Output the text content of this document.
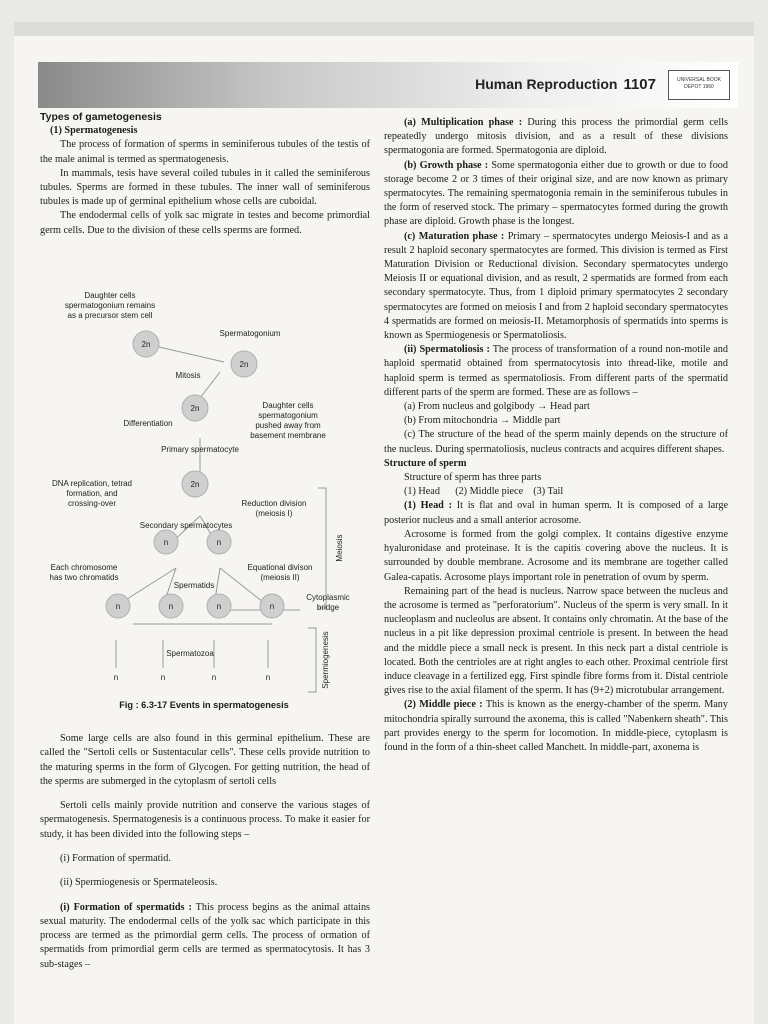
Human Reproduction 1107	UNIVERSAL BOOK DEPOT 1960

Types of gametogenesis

(1) Spermatogenesis

The process of formation of sperms in seminiferous tubules of the testis of the male animal is termed as spermatogenesis.

In mammals, tesis have several coiled tubules in it called the seminiferous tubules. Sperms are formed in these tubules. The inner wall of seminiferous tubules is made up of germinal epithelium whose cells are cuboidal.

The endodermal cells of yolk sac migrate in testes and become primordial germ cells. Due to the division of these cells sperms are formed.

2n
2n
2n
2n
n	n
n	n	n	n
n	n	n	n
Daughter cells
spermatogonium remains
as a precursor stem cell
Spermatogonium
Mitosis
Differentiation
Daughter cells
spermatogonium
pushed away from
basement membrane
Primary spermatocyte
DNA replication, tetrad
formation, and
crossing-over	Reduction division
(meiosis I)
Secondary spermatocytes
Each chromosome
has two chromatids
Equational divison
(meiosis II)
Spermatids
Cytoplasmic
bridge
Spermatozoa
Meiosis
Spermiogenesis
Fig : 6.3-17 Events in spermatogenesis

Some large cells are also found in this germinal epithelium. These are called the "Sertoli cells or Sustentacular cells". These cells provide nutrition to the maturing sperms in the form of Glycogen. For getting nutrition, the head of the sperms are submerged in the cytoplasm of sertoli cells

Sertoli cells mainly provide nutrition and conserve the various stages of spermatogenesis. Spermatogenesis is a continuous process. To make it easier for study, it has been divided into the following steps –

(i) Formation of spermatid.

(ii) Spermiogenesis or Spermateleosis.

(i) Formation of spermatids : This process begins as the animal attains sexual maturity. The endodermal cells of the yolk sac which participate in this process are termed as the primordial germ cells. The process of ormation of spermatids from primordial germ cells are termed as spermatocytosis. It has 3 sub-stages –

(a) Multiplication phase : During this process the primordial germ cells repeatedly undergo mitosis division, and as a result of these divisions spermatogonia are formed. Spermatogonia are diploid.

(b) Growth phase : Some spermatogonia either due to growth or due to food storage become 2 or 3 times of their original size, and are now known as primary spermatocytes. The remaining spermatogonia remain in the seminiferous tubules in the form of reserved stock. The primary – spermatocytes formed during the growth phase are diploid. Growth phase is the longest.

(c) Maturation phase : Primary – spermatocytes undergo Meiosis-I and as a result 2 haploid seconary spermatocytes are formed. This division is termed as First Maturation Division or Reductional division. Secondary spermatocytes undergo Meiosis II or equational division, and as result, 2 spermatids are formed from each secondary spermatocyte. Thus, from 1 diploid primary spermatocytes 2 secondary spermatocytes are formed on meiosis I and from 2 haploid secondary spermatocytes 4 spermatids are formed on meiosis-II. Metamorphosis of spermatids into sperms is known as Spermiogenesis or Spermatoliosis.

(ii) Spermatoliosis : The process of transformation of a round non-motile and haploid spermatid obtained from spermatocytosis into thread-like, motile and haploid sperm is termed as spermatoliosis. From different parts of the spermatid different parts of the sperm are formed. These are as follows –

(a) From nucleus and golgibody → Head part

(b) From mitochondria → Middle part

(c) The structure of the head of the sperm mainly depends on the structure of the nucleus. During spermatoliosis, nucleus contracts and acquires different shapes.

Structure of sperm

Structure of sperm has three parts

(1) Head      (2) Middle piece    (3) Tail

(1) Head : It is flat and oval in human sperm. It is composed of a large posterior nucleus and a small anterior acrosome.

Acrosome is formed from the golgi complex. It contains digestive enzyme hyaluronidase and proteinase. It is the capitis covering above the nucleus. It is surrounded by double membrane. Acrosome and its membrane are together called Galea-capatis. Acrosome plays important role in penetration of ovum by sperm.

Remaining part of the head is nucleus. Narrow space between the nucleus and the acrosome is termed as "perforatorium". Nucleus of the sperm is very small. In it nucleoplasm and nucleolus are absent. It contains only chromatin. At the base of the nucleus in a pit like depression proximal centriole is present. In between the head and the middle piece a small neck is present. In this neck part a distal centriole is located. Both the centrioles are at right angles to each other. Proximal centriole first induce cleavage in a fertilized egg. First spindle fibre forms from it. Distal centriole gives rise to the axial filament of the sperm. It has (9+2) microtubular arrangement.

(2) Middle piece : This is known as the energy-chamber of the sperm. Many mitochondria spirally surround the axonema, this is called "Nabenkern sheath". This part provides energy to the sperm for locomotion. In middle-piece, cytoplasm is found in the form of a thin-sheet called Manchett. In middle-part, axonema is
